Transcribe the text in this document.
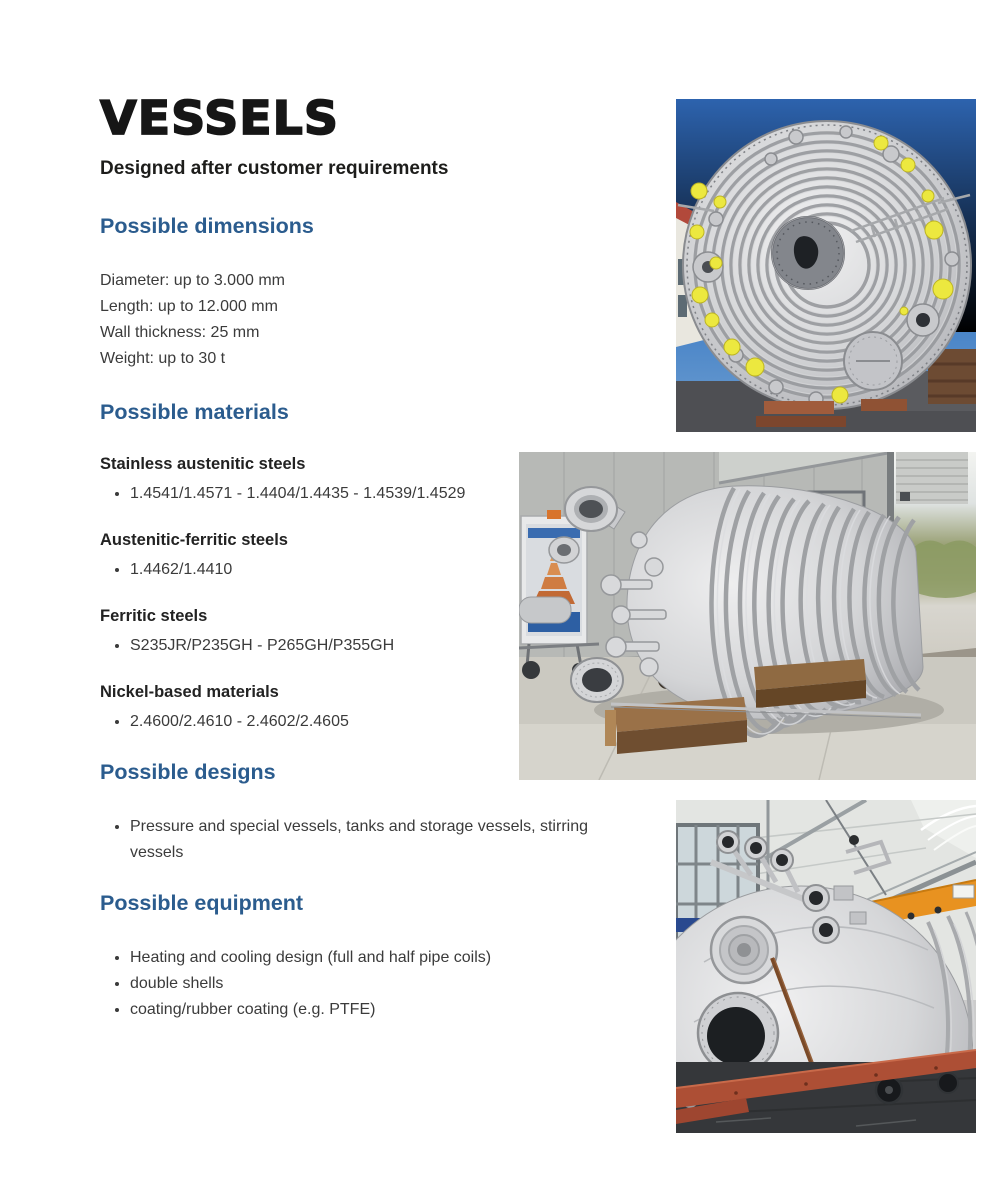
VESSELS

Designed after customer requirements

Possible dimensions
Diameter: up to 3.000 mm
Length: up to 12.000 mm
Wall thickness: 25 mm
Weight: up to 30 t
Possible materials
Stainless austenitic steels
• 1.4541/1.4571 - 1.4404/1.4435 - 1.4539/1.4529
Austenitic-ferritic steels
• 1.4462/1.4410
Ferritic steels
• S235JR/P235GH - P265GH/P355GH
Nickel-based materials
• 2.4600/2.4610 - 2.4602/2.4605
Possible designs
• Pressure and special vessels, tanks and storage vessels, stirring vessels
Possible equipment
• Heating and cooling design (full and half pipe coils)
• double shells
• coating/rubber coating (e.g. PTFE)
